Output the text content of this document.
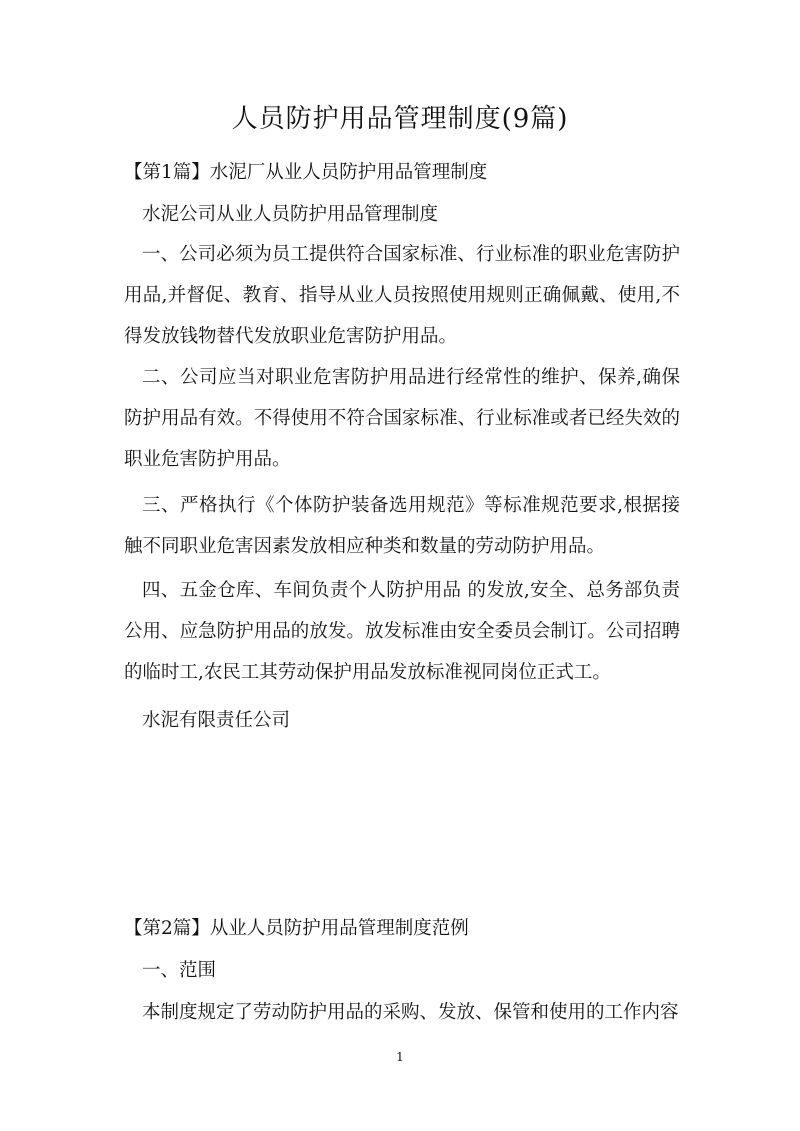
人员防护用品管理制度(9篇)

【第1篇】水泥厂从业人员防护用品管理制度

水泥公司从业人员防护用品管理制度

一、公司必须为员工提供符合国家标准、行业标准的职业危害防护用品,并督促、教育、指导从业人员按照使用规则正确佩戴、使用,不得发放钱物替代发放职业危害防护用品。

二、公司应当对职业危害防护用品进行经常性的维护、保养,确保防护用品有效。不得使用不符合国家标准、行业标准或者已经失效的职业危害防护用品。

三、严格执行《个体防护装备选用规范》等标准规范要求,根据接触不同职业危害因素发放相应种类和数量的劳动防护用品。

四、五金仓库、车间负责个人防护用品 的发放,安全、总务部负责公用、应急防护用品的放发。放发标准由安全委员会制订。公司招聘的临时工,农民工其劳动保护用品发放标准视同岗位正式工。

水泥有限责任公司

【第2篇】从业人员防护用品管理制度范例

一、范围

本制度规定了劳动防护用品的采购、发放、保管和使用的工作内容

1
